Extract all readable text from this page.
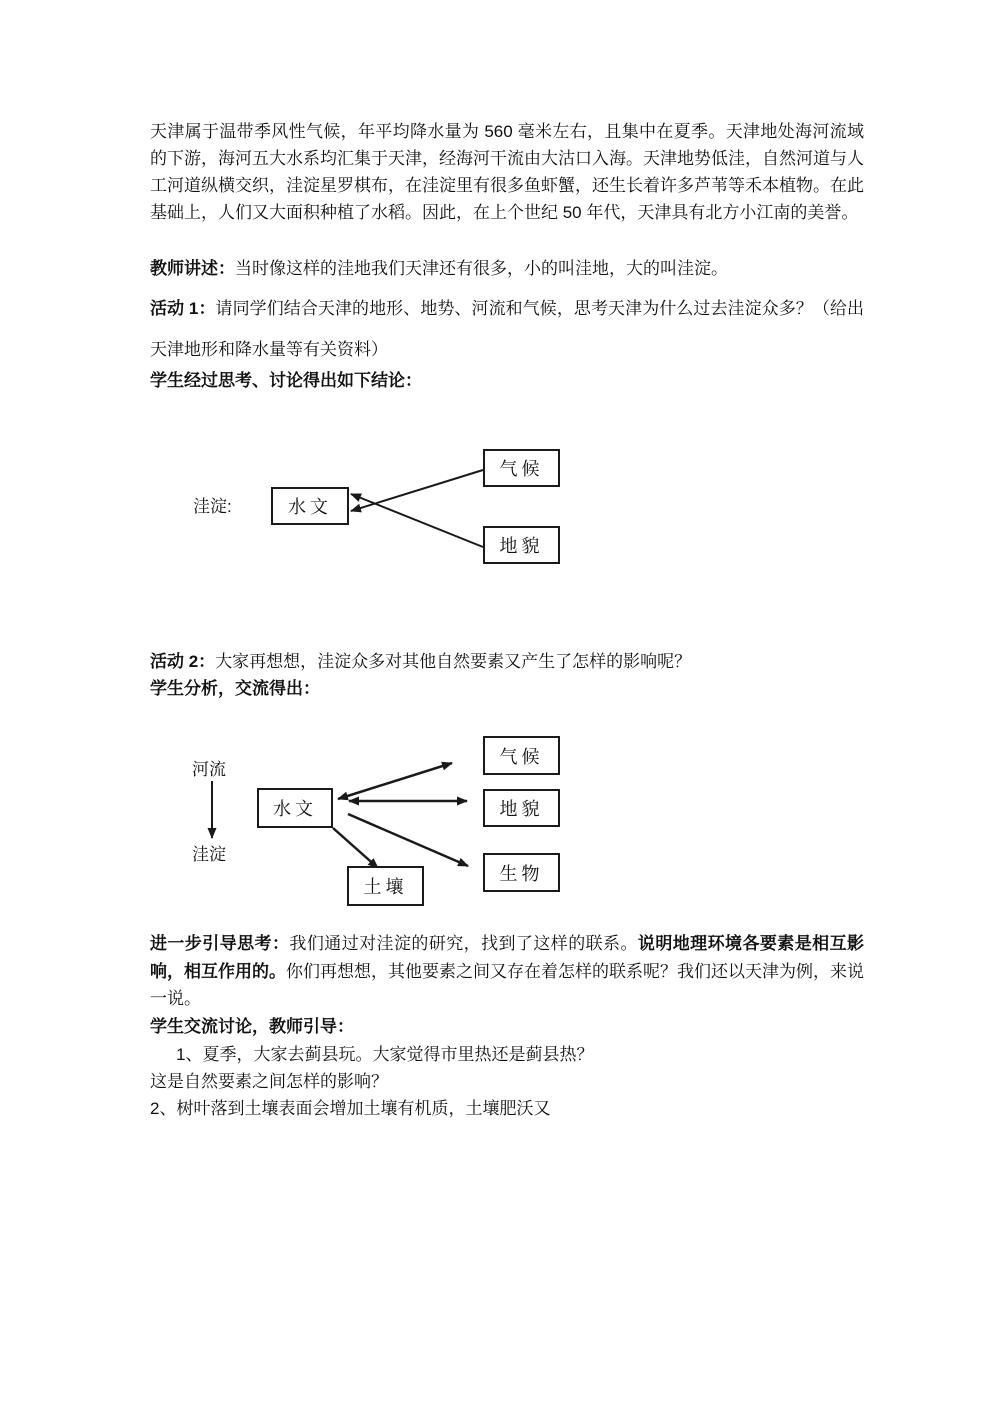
天津属于温带季风性气候，年平均降水量为 560 毫米左右，且集中在夏季。天津地处海河流域的下游，海河五大水系均汇集于天津，经海河干流由大沽口入海。天津地势低洼，自然河道与人工河道纵横交织，洼淀星罗棋布，在洼淀里有很多鱼虾蟹，还生长着许多芦苇等禾本植物。在此基础上，人们又大面积种植了水稻。因此，在上个世纪 50 年代，天津具有北方小江南的美誉。

教师讲述：当时像这样的洼地我们天津还有很多，小的叫洼地，大的叫洼淀。

活动 1：请同学们结合天津的地形、地势、河流和气候，思考天津为什么过去洼淀众多？（给出天津地形和降水量等有关资料）

学生经过思考、讨论得出如下结论：

洼淀:	水文
气候
地貌

活动 2：大家再想想，洼淀众多对其他自然要素又产生了怎样的影响呢？

学生分析，交流得出：

河流
洼淀
水文
气候
地貌
生物
土壤

进一步引导思考：我们通过对洼淀的研究，找到了这样的联系。说明地理环境各要素是相互影响，相互作用的。你们再想想，其他要素之间又存在着怎样的联系呢？我们还以天津为例，来说一说。

学生交流讨论，教师引导：

1、夏季，大家去蓟县玩。大家觉得市里热还是蓟县热？

这是自然要素之间怎样的影响？

2、树叶落到土壤表面会增加土壤有机质，土壤肥沃又
